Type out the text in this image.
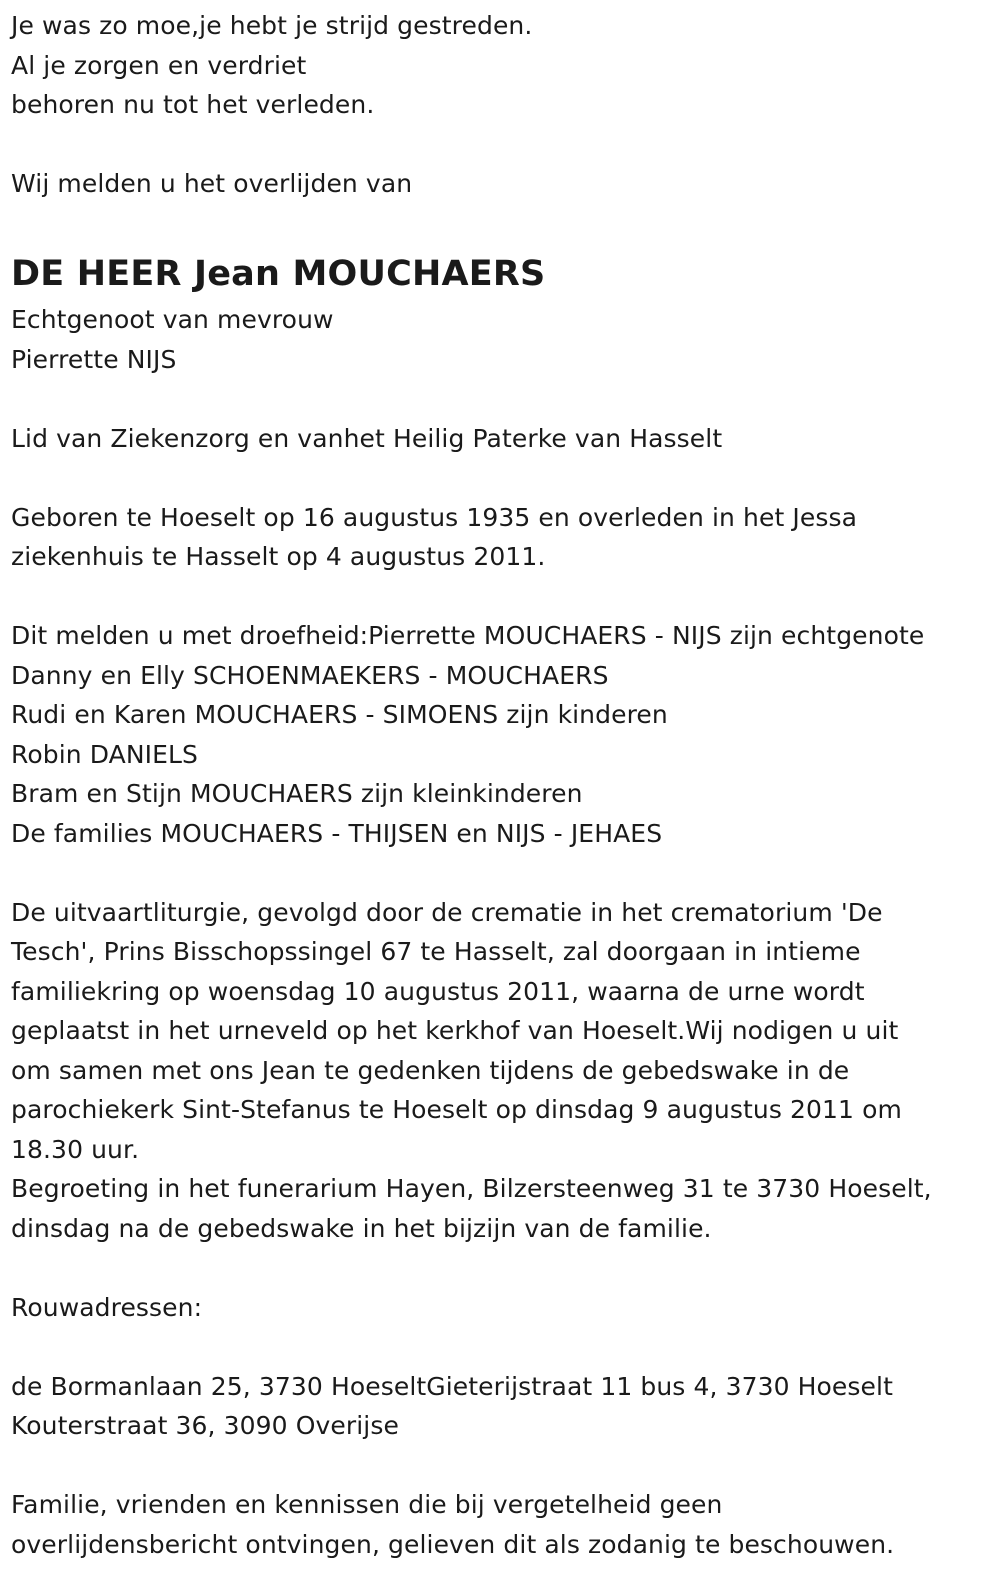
Je was zo moe,je hebt je strijd gestreden.
Al je zorgen en verdriet
behoren nu tot het verleden.
Wij melden u het overlijden van
DE HEER Jean MOUCHAERS
Echtgenoot van mevrouw
Pierrette NIJS
Lid van Ziekenzorg en vanhet Heilig Paterke van Hasselt
Geboren te Hoeselt op 16 augustus 1935 en overleden in het Jessa
ziekenhuis te Hasselt op 4 augustus 2011.
Dit melden u met droefheid:Pierrette MOUCHAERS - NIJS zijn echtgenote
Danny en Elly SCHOENMAEKERS - MOUCHAERS
Rudi en Karen MOUCHAERS - SIMOENS zijn kinderen
Robin DANIELS
Bram en Stijn MOUCHAERS zijn kleinkinderen
De families MOUCHAERS - THIJSEN en NIJS - JEHAES
De uitvaartliturgie, gevolgd door de crematie in het crematorium 'De
Tesch', Prins Bisschopssingel 67 te Hasselt, zal doorgaan in intieme
familiekring op woensdag 10 augustus 2011, waarna de urne wordt
geplaatst in het urneveld op het kerkhof van Hoeselt.Wij nodigen u uit
om samen met ons Jean te gedenken tijdens de gebedswake in de
parochiekerk Sint-Stefanus te Hoeselt op dinsdag 9 augustus 2011 om
18.30 uur.
Begroeting in het funerarium Hayen, Bilzersteenweg 31 te 3730 Hoeselt,
dinsdag na de gebedswake in het bijzijn van de familie.
Rouwadressen:
de Bormanlaan 25, 3730 HoeseltGieterijstraat 11 bus 4, 3730 Hoeselt
Kouterstraat 36, 3090 Overijse
Familie, vrienden en kennissen die bij vergetelheid geen
overlijdensbericht ontvingen, gelieven dit als zodanig te beschouwen.
